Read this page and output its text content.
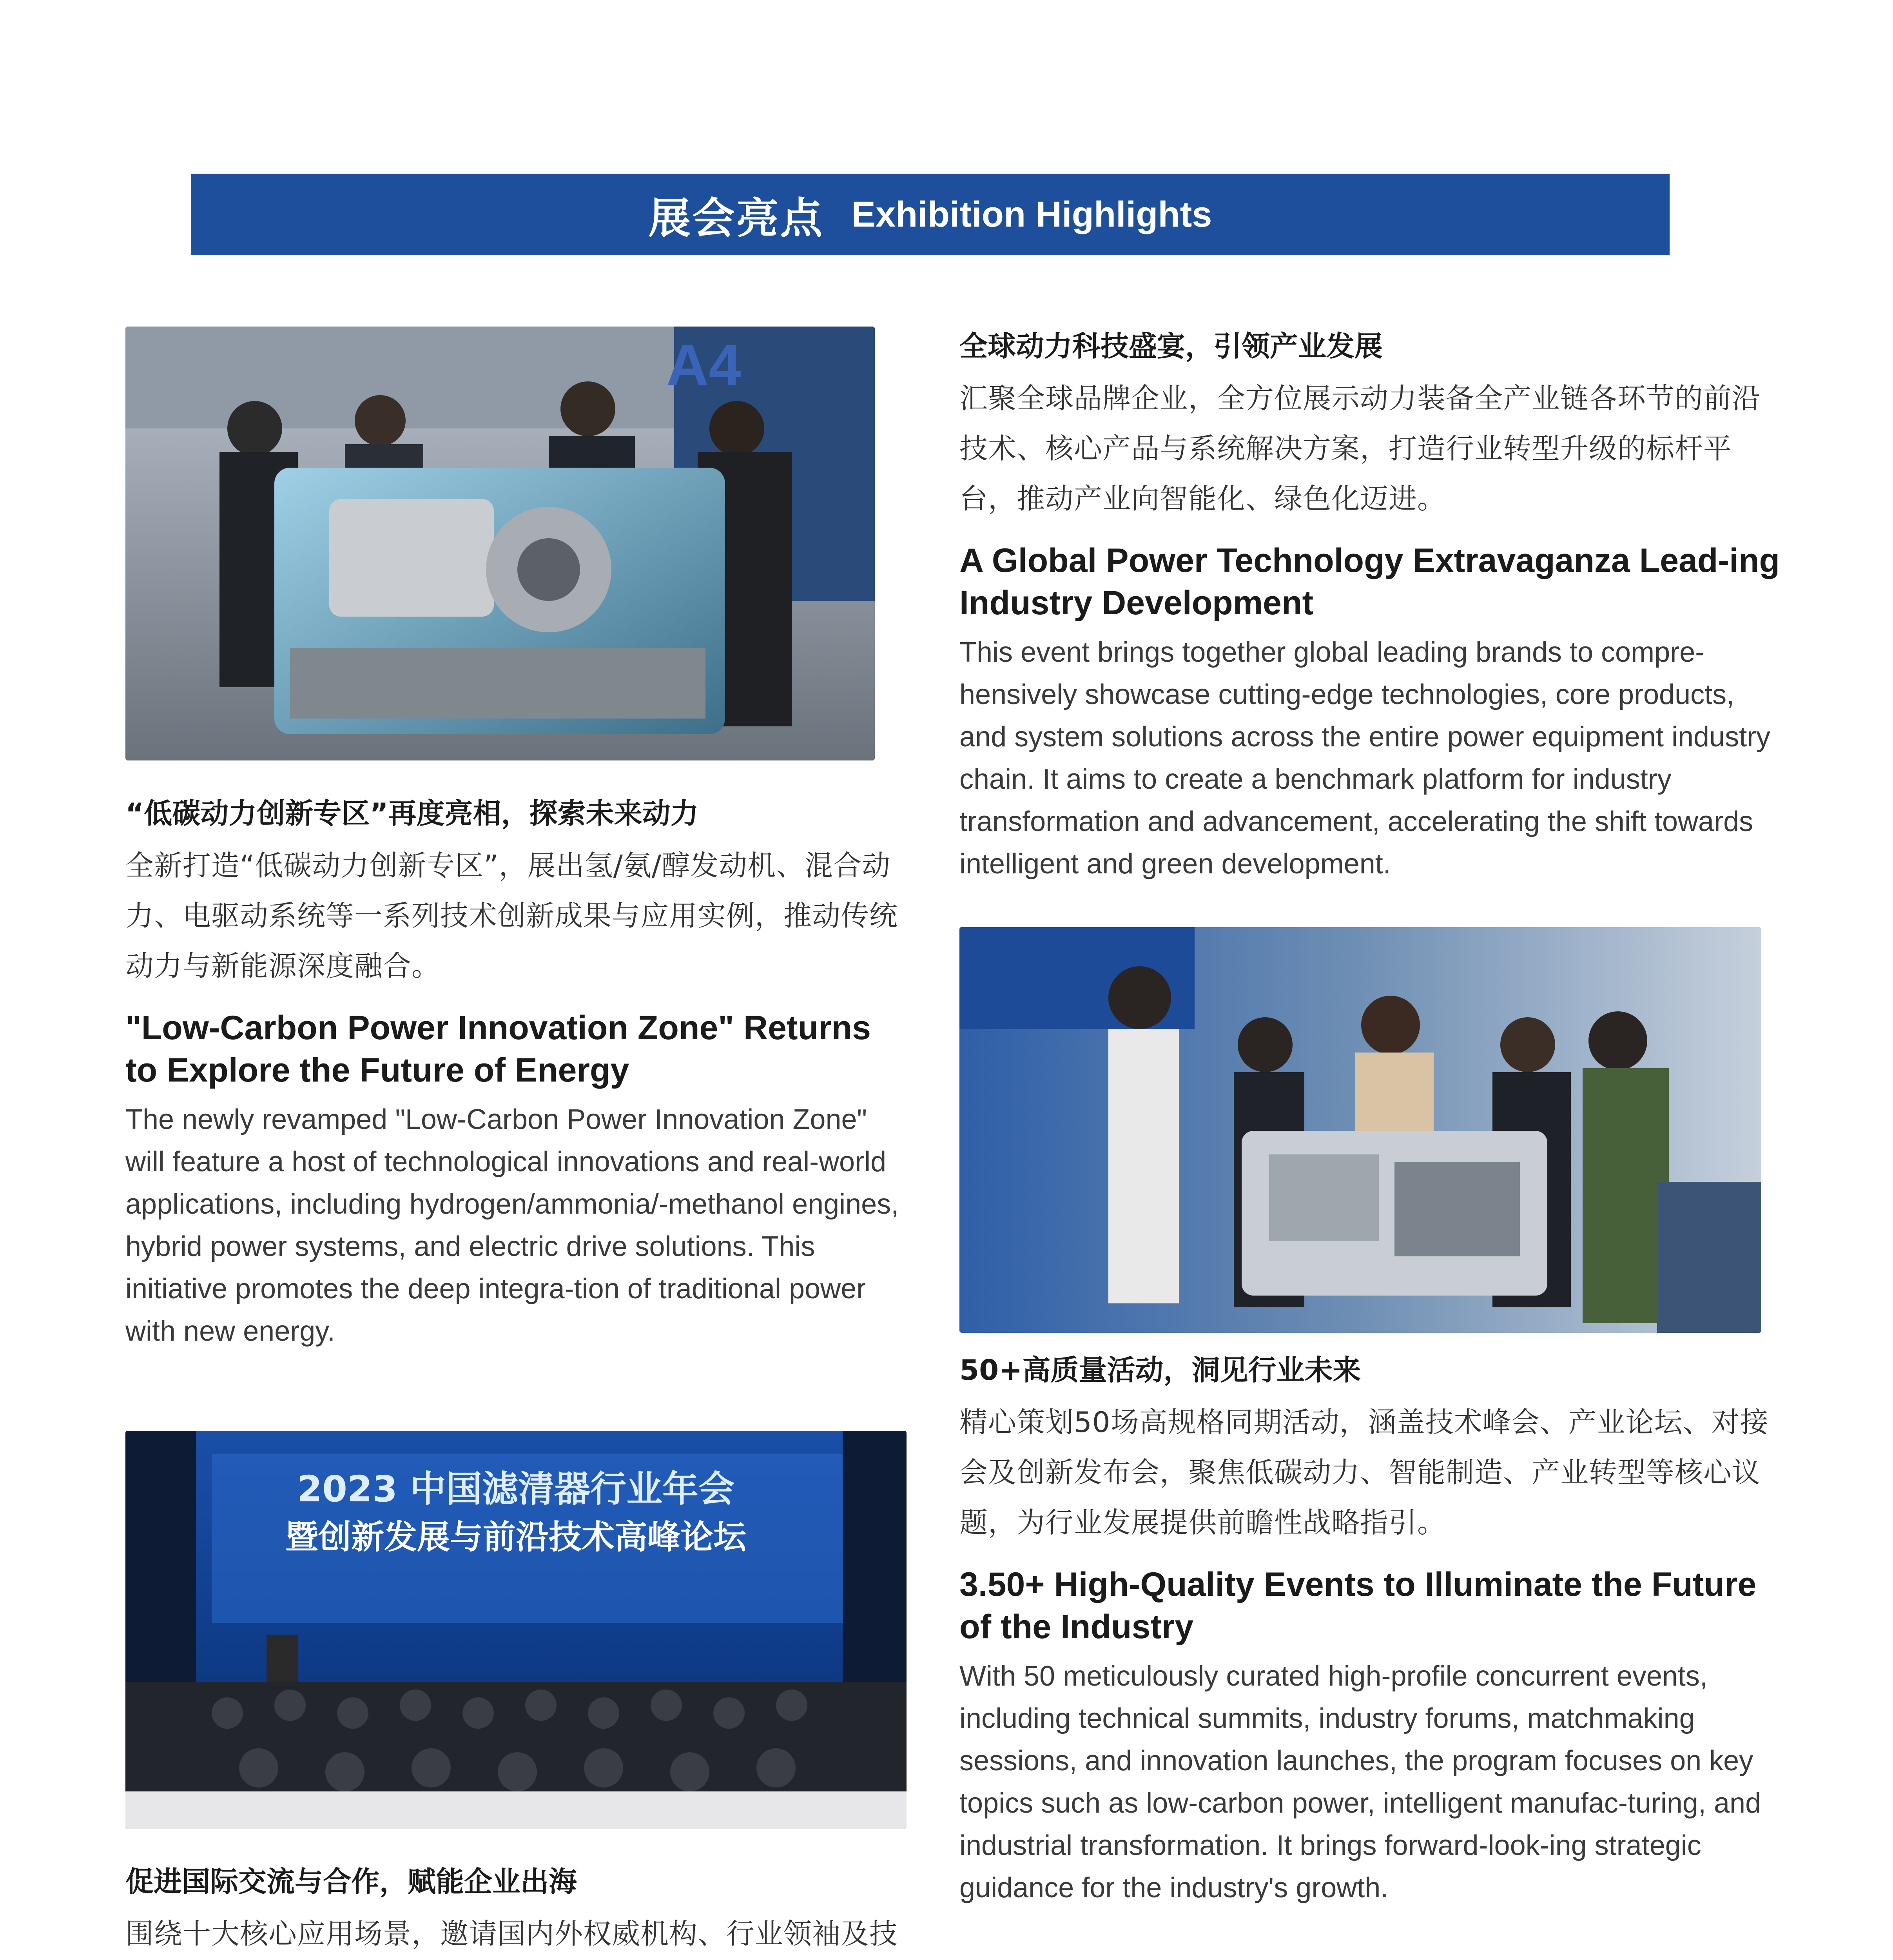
展会亮点 Exhibition Highlights
A4
2023 中国滤清器行业年会
暨创新发展与前沿技术高峰论坛
“低碳动力创新专区”再度亮相，探索未来动力
全新打造“低碳动力创新专区”，展出氢/氨/醇发动机、混合动力、电驱动系统等一系列技术创新成果与应用实例，推动传统动力与新能源深度融合。
"Low-Carbon Power Innovation Zone" Returns to Explore the Future of Energy
The newly revamped "Low-Carbon Power Innovation Zone" will feature a host of technological innovations and real-world applications, including hydrogen/ammonia/-methanol engines, hybrid power systems, and electric drive solutions. This initiative promotes the deep integra-tion of traditional power with new energy.
全球动力科技盛宴，引领产业发展
汇聚全球品牌企业，全方位展示动力装备全产业链各环节的前沿技术、核心产品与系统解决方案，打造行业转型升级的标杆平台，推动产业向智能化、绿色化迈进。
A Global Power Technology Extravaganza Lead-ing Industry Development
This event brings together global leading brands to compre-hensively showcase cutting-edge technologies, core products, and system solutions across the entire power equipment industry chain. It aims to create a benchmark platform for industry transformation and advancement, accelerating the shift towards intelligent and green development.
促进国际交流与合作，赋能企业出海
围绕十大核心应用场景，邀请国内外权威机构、行业领袖及技
50+高质量活动，洞见行业未来
精心策划50场高规格同期活动，涵盖技术峰会、产业论坛、对接会及创新发布会，聚焦低碳动力、智能制造、产业转型等核心议题，为行业发展提供前瞻性战略指引。
3.50+ High-Quality Events to Illuminate the Future of the Industry
With 50 meticulously curated high-profile concurrent events, including technical summits, industry forums, matchmaking sessions, and innovation launches, the program focuses on key topics such as low-carbon power, intelligent manufac-turing, and industrial transformation. It brings forward-look-ing strategic guidance for the industry's growth.
